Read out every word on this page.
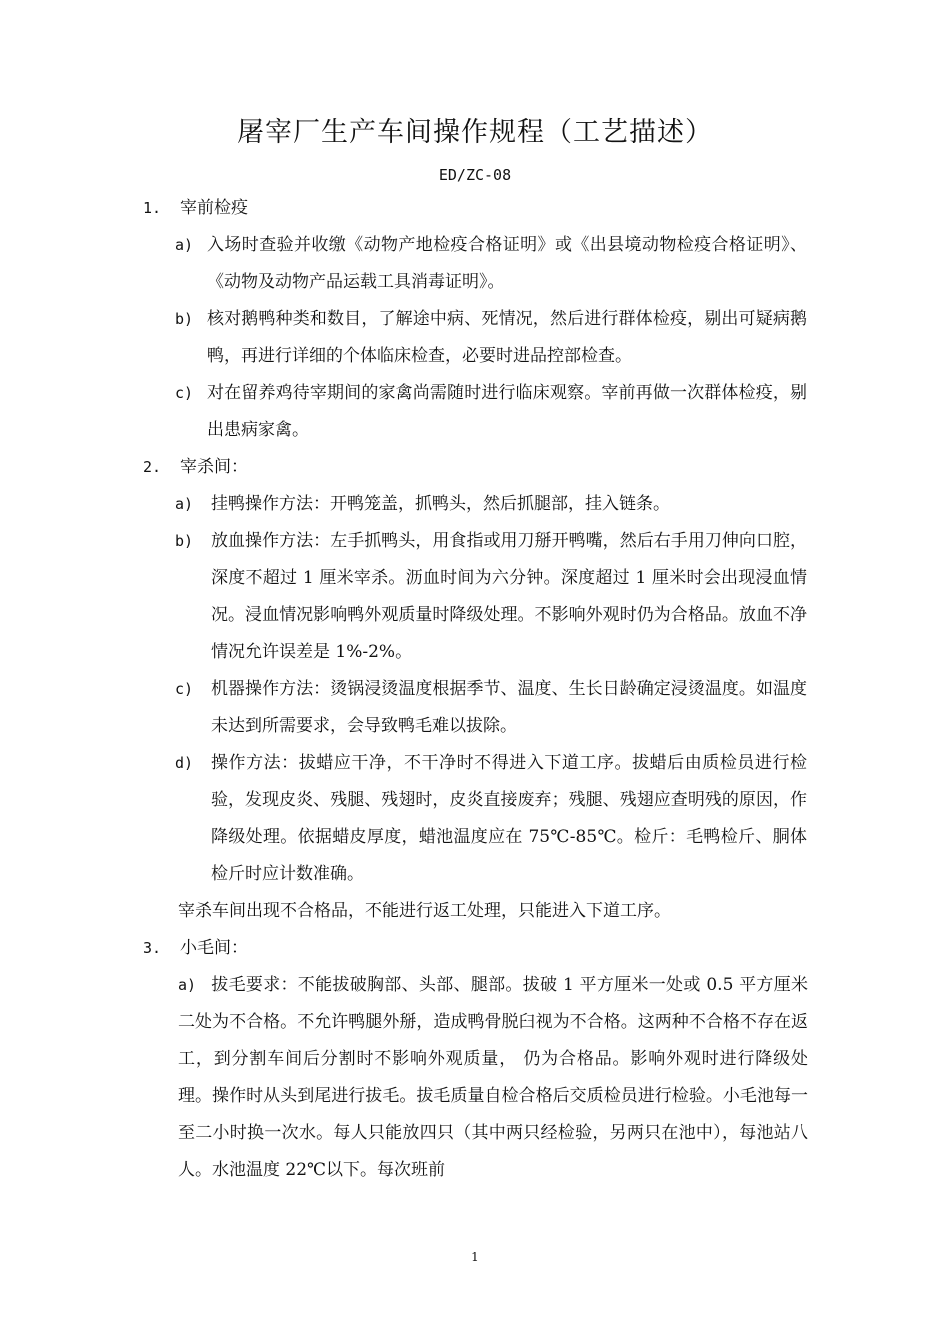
屠宰厂生产车间操作规程（工艺描述）
ED/ZC-08
1. 宰前检疫
a) 入场时查验并收缴《动物产地检疫合格证明》或《出县境动物检疫合格证明》、《动物及动物产品运载工具消毒证明》。
b) 核对鹅鸭种类和数目，了解途中病、死情况，然后进行群体检疫，剔出可疑病鹅鸭，再进行详细的个体临床检查，必要时进品控部检查。
c) 对在留养鸡待宰期间的家禽尚需随时进行临床观察。宰前再做一次群体检疫，剔出患病家禽。
2. 宰杀间：
a) 挂鸭操作方法：开鸭笼盖，抓鸭头，然后抓腿部，挂入链条。
b) 放血操作方法：左手抓鸭头，用食指或用刀掰开鸭嘴，然后右手用刀伸向口腔，深度不超过 1 厘米宰杀。沥血时间为六分钟。深度超过 1 厘米时会出现浸血情况。浸血情况影响鸭外观质量时降级处理。不影响外观时仍为合格品。放血不净情况允许误差是 1%-2%。
c) 机器操作方法：烫锅浸烫温度根据季节、温度、生长日龄确定浸烫温度。如温度未达到所需要求，会导致鸭毛难以拔除。
d) 操作方法：拔蜡应干净，不干净时不得进入下道工序。拔蜡后由质检员进行检验，发现皮炎、残腿、残翅时，皮炎直接废弃；残腿、残翅应查明残的原因，作降级处理。依据蜡皮厚度，蜡池温度应在 75℃-85℃。检斤：毛鸭检斤、胴体检斤时应计数准确。
宰杀车间出现不合格品，不能进行返工处理，只能进入下道工序。
3. 小毛间：
a) 拔毛要求：不能拔破胸部、头部、腿部。拔破 1 平方厘米一处或 0.5 平方厘米二处为不合格。不允许鸭腿外掰，造成鸭骨脱臼视为不合格。这两种不合格不存在返工，到分割车间后分割时不影响外观质量， 仍为合格品。影响外观时进行降级处理。操作时从头到尾进行拔毛。拔毛质量自检合格后交质检员进行检验。小毛池每一至二小时换一次水。每人只能放四只（其中两只经检验，另两只在池中），每池站八人。水池温度 22℃以下。每次班前
1
